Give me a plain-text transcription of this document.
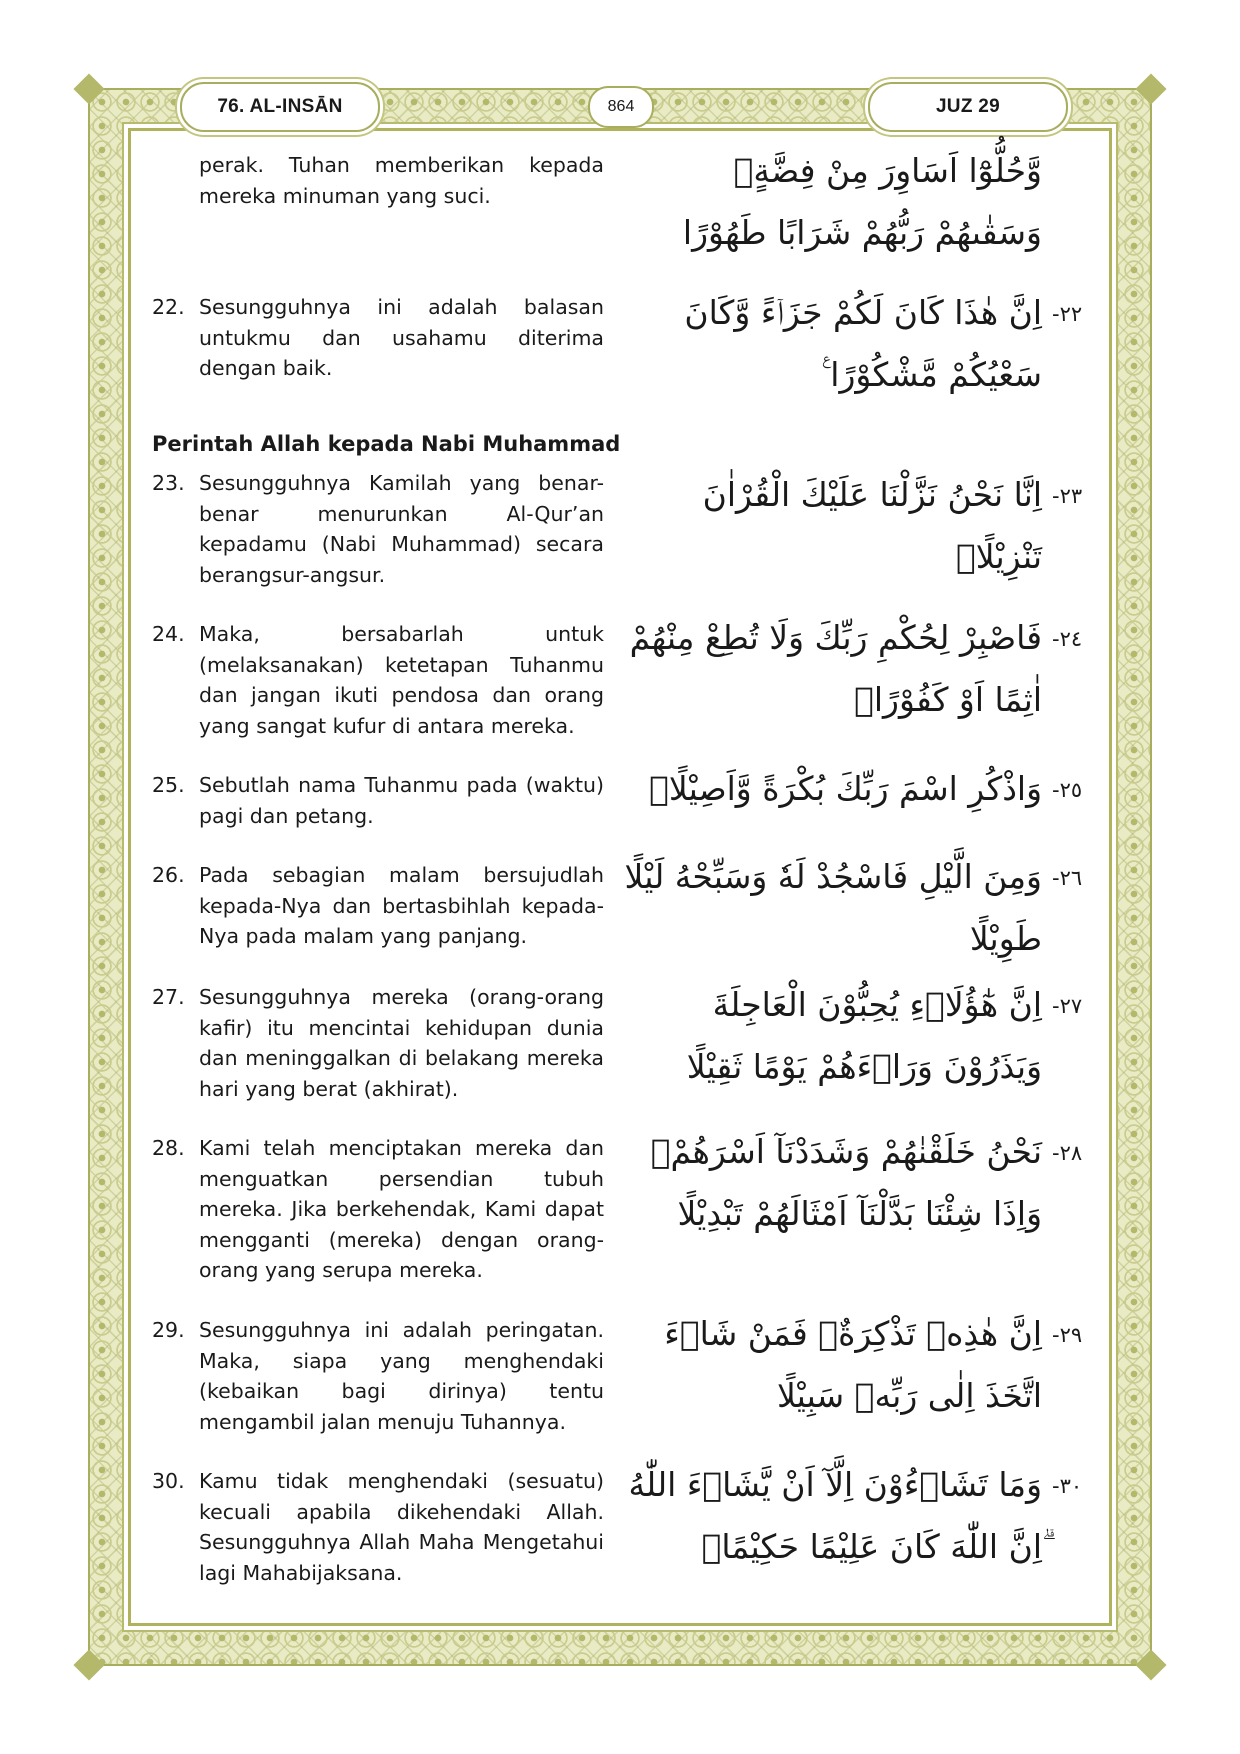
76. AL-INSĀN	864	JUZ 29
perak. Tuhan memberikan kepada mereka minuman yang suci.
وَّحُلُّوْٓا اَسَاوِرَ مِنْ فِضَّةٍۚ وَسَقٰىهُمْ رَبُّهُمْ شَرَابًا طَهُوْرًا
22. Sesungguhnya ini adalah balasan untukmu dan usahamu diterima dengan baik.
اِنَّ هٰذَا كَانَ لَكُمْ جَزَاۤءً وَّكَانَ سَعْيُكُمْ مَّشْكُوْرًا ࣖ
-٢٢
Perintah Allah kepada Nabi Muhammad
23. Sesungguhnya Kamilah yang benar-benar menurunkan Al-Qur’an kepadamu (Nabi Muhammad) secara berangsur-angsur.
اِنَّا نَحْنُ نَزَّلْنَا عَلَيْكَ الْقُرْاٰنَ تَنْزِيْلًاۚ
-٢٣
24. Maka, bersabarlah untuk (melaksanakan) ketetapan Tuhanmu dan jangan ikuti pendosa dan orang yang sangat kufur di antara mereka.
فَاصْبِرْ لِحُكْمِ رَبِّكَ وَلَا تُطِعْ مِنْهُمْ اٰثِمًا اَوْ كَفُوْرًاۚ
-٢٤
25. Sebutlah nama Tuhanmu pada (waktu) pagi dan petang.
وَاذْكُرِ اسْمَ رَبِّكَ بُكْرَةً وَّاَصِيْلًاۚ -٢٥
26. Pada sebagian malam bersujudlah kepada-Nya dan bertasbihlah kepada-Nya pada malam yang panjang.
وَمِنَ الَّيْلِ فَاسْجُدْ لَهٗ وَسَبِّحْهُ لَيْلًا طَوِيْلًا
-٢٦
27. Sesungguhnya mereka (orang-orang kafir) itu mencintai kehidupan dunia dan meninggalkan di belakang mereka hari yang berat (akhirat).
اِنَّ هٰٓؤُلَاۤءِ يُحِبُّوْنَ الْعَاجِلَةَ وَيَذَرُوْنَ وَرَاۤءَهُمْ يَوْمًا ثَقِيْلًا
-٢٧
28. Kami telah menciptakan mereka dan menguatkan persendian tubuh mereka. Jika berkehendak, Kami dapat mengganti (mereka) dengan orang-orang yang serupa mereka.
نَحْنُ خَلَقْنٰهُمْ وَشَدَدْنَآ اَسْرَهُمْۚ وَاِذَا شِئْنَا بَدَّلْنَآ اَمْثَالَهُمْ تَبْدِيْلًا
-٢٨
29. Sesungguhnya ini adalah peringatan. Maka, siapa yang menghendaki (kebaikan bagi dirinya) tentu mengambil jalan menuju Tuhannya.
اِنَّ هٰذِهٖ تَذْكِرَةٌۚ فَمَنْ شَاۤءَ اتَّخَذَ اِلٰى رَبِّهٖ سَبِيْلًا
-٢٩
30. Kamu tidak menghendaki (sesuatu) kecuali apabila dikehendaki Allah. Sesungguhnya Allah Maha Mengetahui lagi Mahabijaksana.
وَمَا تَشَاۤءُوْنَ اِلَّآ اَنْ يَّشَاۤءَ اللّٰهُ ۗاِنَّ اللّٰهَ كَانَ عَلِيْمًا حَكِيْمًاۖ
-٣٠
